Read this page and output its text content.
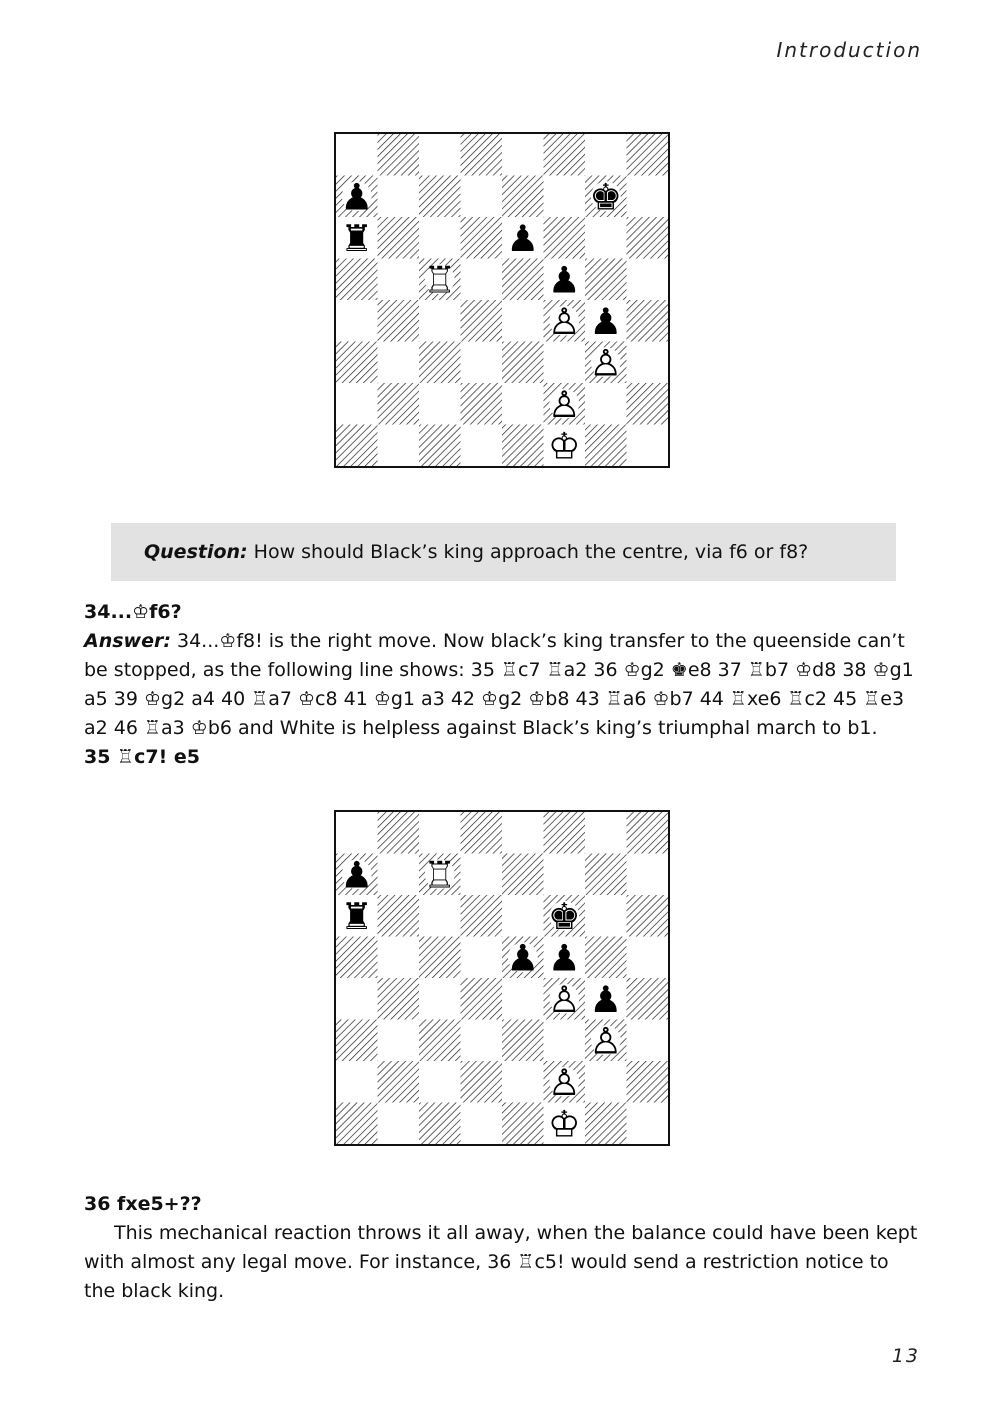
Introduction
♟	♚
♜	♟
♖	♟
♙ ♟
♙
♙
♔
Question: How should Black’s king approach the centre, via f6 or f8?
34...♔f6?
Answer: 34...♔f8! is the right move. Now black’s king transfer to the queenside can’t be stopped, as the following line shows: 35 ♖c7 ♖a2 36 ♔g2 ♚e8 37 ♖b7 ♔d8 38 ♔g1 a5 39 ♔g2 a4 40 ♖a7 ♔c8 41 ♔g1 a3 42 ♔g2 ♔b8 43 ♖a6 ♔b7 44 ♖xe6 ♖c2 45 ♖e3 a2 46 ♖a3 ♔b6 and White is helpless against Black’s king’s triumphal march to b1.
35 ♖c7! e5
♟ ♖
♜	♚
♟ ♟
♙ ♟
♙
♙
♔
36 fxe5+??
This mechanical reaction throws it all away, when the balance could have been kept with almost any legal move. For instance, 36 ♖c5! would send a restriction notice to the black king.
13
